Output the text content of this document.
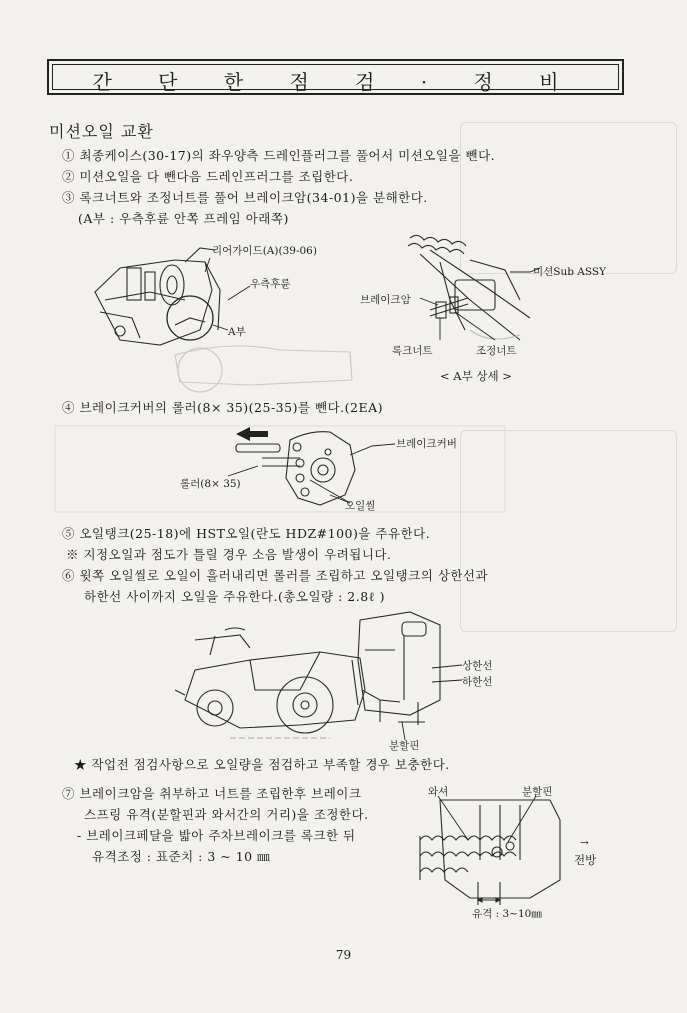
간 단 한 점 검 · 정 비
미션오일 교환
① 최종케이스(30-17)의 좌우양측 드레인플러그를 풀어서 미션오일을 뺀다.
② 미션오일을 다 뺀다음 드레인프러그를 조립한다.
③ 록크너트와 조정너트를 풀어 브레이크암(34-01)을 분해한다.
(A부 : 우측후륜 안쪽 프레임 아래쪽)
리어가이드(A)(39-06)
우측후륜
A부
미션Sub ASSY
브레이크암
록크너트	조정너트
< A부 상세 >
④ 브레이크커버의 롤러(8× 35)(25-35)를 뺀다.(2EA)
브레이크커버
롤러(8× 35)
오일씰
⑤ 오일탱크(25-18)에 HST오일(란도 HDZ#100)을 주유한다.
※ 지정오일과 점도가 틀릴 경우 소음 발생이 우려됩니다.
⑥ 윗쪽 오일씰로 오일이 흘러내리면 롤러를 조립하고 오일탱크의 상한선과
하한선 사이까지 오일을 주유한다.(총오일량 : 2.8ℓ )
상한선
하한선
분할핀
★ 작업전 점검사항으로 오일량을 점검하고 부족할 경우 보충한다.
⑦ 브레이크암을 취부하고 너트를 조립한후 브레이크
스프링 유격(분할핀과 와서간의 거리)을 조정한다.
- 브레이크페달을 밟아 주차브레이크를 록크한 뒤
유격조정 : 표준치 : 3 ~ 10 ㎜
와셔	분할핀
→
전방
유격 : 3~10㎜
79
